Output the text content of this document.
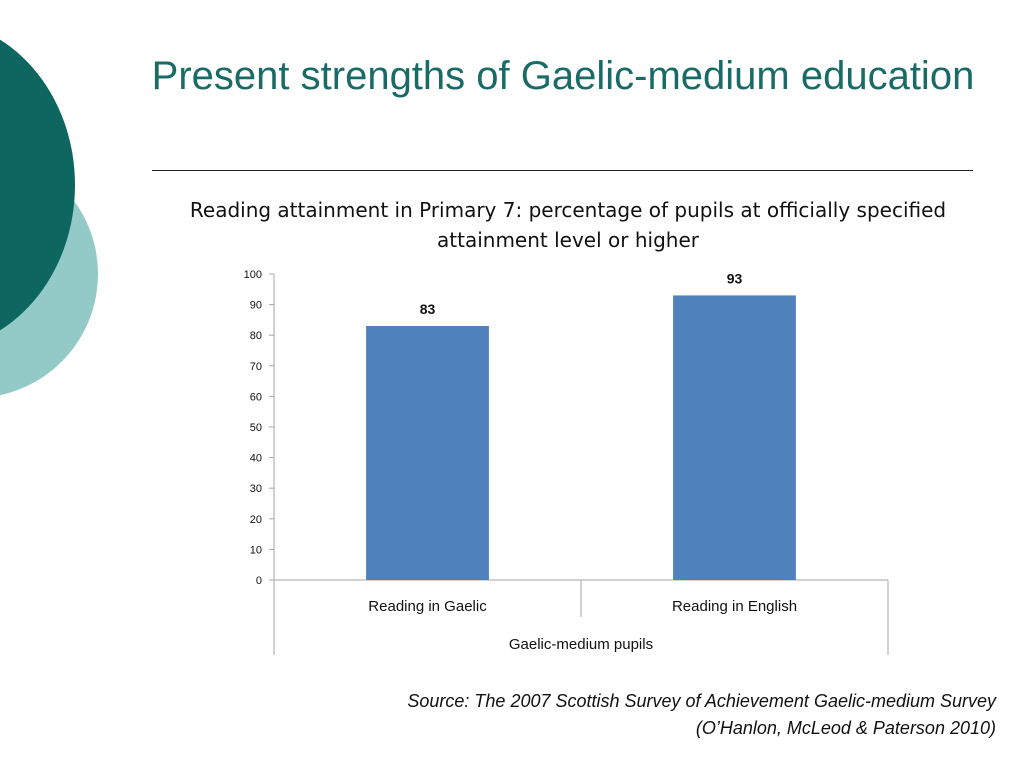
Present strengths of Gaelic-medium education
Reading attainment in Primary 7: percentage of pupils at officially specified attainment level or higher
0
10
20
30
40
50
60
70
80
90
100
83
Reading in Gaelic
93
Reading in English
Gaelic-medium pupils
Source: The 2007 Scottish Survey of Achievement Gaelic-medium Survey
(O’Hanlon, McLeod & Paterson 2010)
